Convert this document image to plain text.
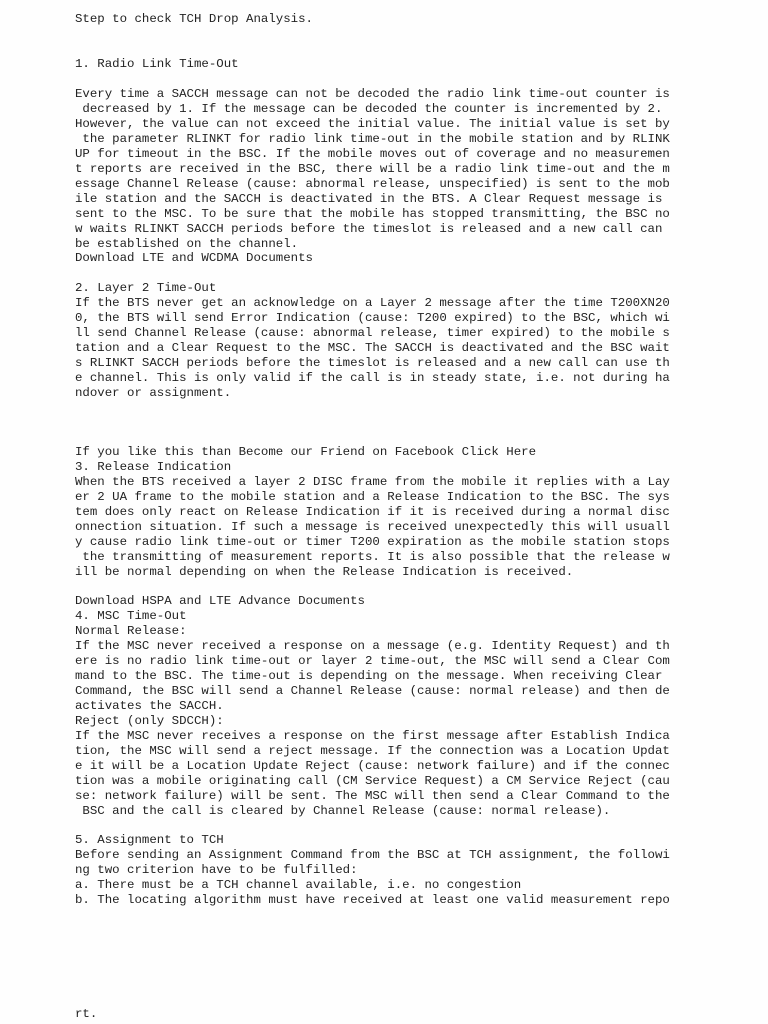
Step to check TCH Drop Analysis.

1. Radio Link Time-Out

Every time a SACCH message can not be decoded the radio link time-out counter is

decreased by 1. If the message can be decoded the counter is incremented by 2.

However, the value can not exceed the initial value. The initial value is set by

the parameter RLINKT for radio link time-out in the mobile station and by RLINK

UP for timeout in the BSC. If the mobile moves out of coverage and no measuremen

t reports are received in the BSC, there will be a radio link time-out and the m

essage Channel Release (cause: abnormal release, unspecified) is sent to the mob

ile station and the SACCH is deactivated in the BTS. A Clear Request message is

sent to the MSC. To be sure that the mobile has stopped transmitting, the BSC no

w waits RLINKT SACCH periods before the timeslot is released and a new call can

be established on the channel.

Download LTE and WCDMA Documents

2. Layer 2 Time-Out

If the BTS never get an acknowledge on a Layer 2 message after the time T200XN20

0, the BTS will send Error Indication (cause: T200 expired) to the BSC, which wi

ll send Channel Release (cause: abnormal release, timer expired) to the mobile s

tation and a Clear Request to the MSC. The SACCH is deactivated and the BSC wait

s RLINKT SACCH periods before the timeslot is released and a new call can use th

e channel. This is only valid if the call is in steady state, i.e. not during ha

ndover or assignment.

If you like this than Become our Friend on Facebook Click Here

3. Release Indication

When the BTS received a layer 2 DISC frame from the mobile it replies with a Lay

er 2 UA frame to the mobile station and a Release Indication to the BSC. The sys

tem does only react on Release Indication if it is received during a normal disc

onnection situation. If such a message is received unexpectedly this will usuall

y cause radio link time-out or timer T200 expiration as the mobile station stops

the transmitting of measurement reports. It is also possible that the release w

ill be normal depending on when the Release Indication is received.

Download HSPA and LTE Advance Documents

4. MSC Time-Out

Normal Release:

If the MSC never received a response on a message (e.g. Identity Request) and th

ere is no radio link time-out or layer 2 time-out, the MSC will send a Clear Com

mand to the BSC. The time-out is depending on the message. When receiving Clear

Command, the BSC will send a Channel Release (cause: normal release) and then de

activates the SACCH.

Reject (only SDCCH):

If the MSC never receives a response on the first message after Establish Indica

tion, the MSC will send a reject message. If the connection was a Location Updat

e it will be a Location Update Reject (cause: network failure) and if the connec

tion was a mobile originating call (CM Service Request) a CM Service Reject (cau

se: network failure) will be sent. The MSC will then send a Clear Command to the

BSC and the call is cleared by Channel Release (cause: normal release).

5. Assignment to TCH

Before sending an Assignment Command from the BSC at TCH assignment, the followi

ng two criterion have to be fulfilled:

a. There must be a TCH channel available, i.e. no congestion

b. The locating algorithm must have received at least one valid measurement repo

rt.
